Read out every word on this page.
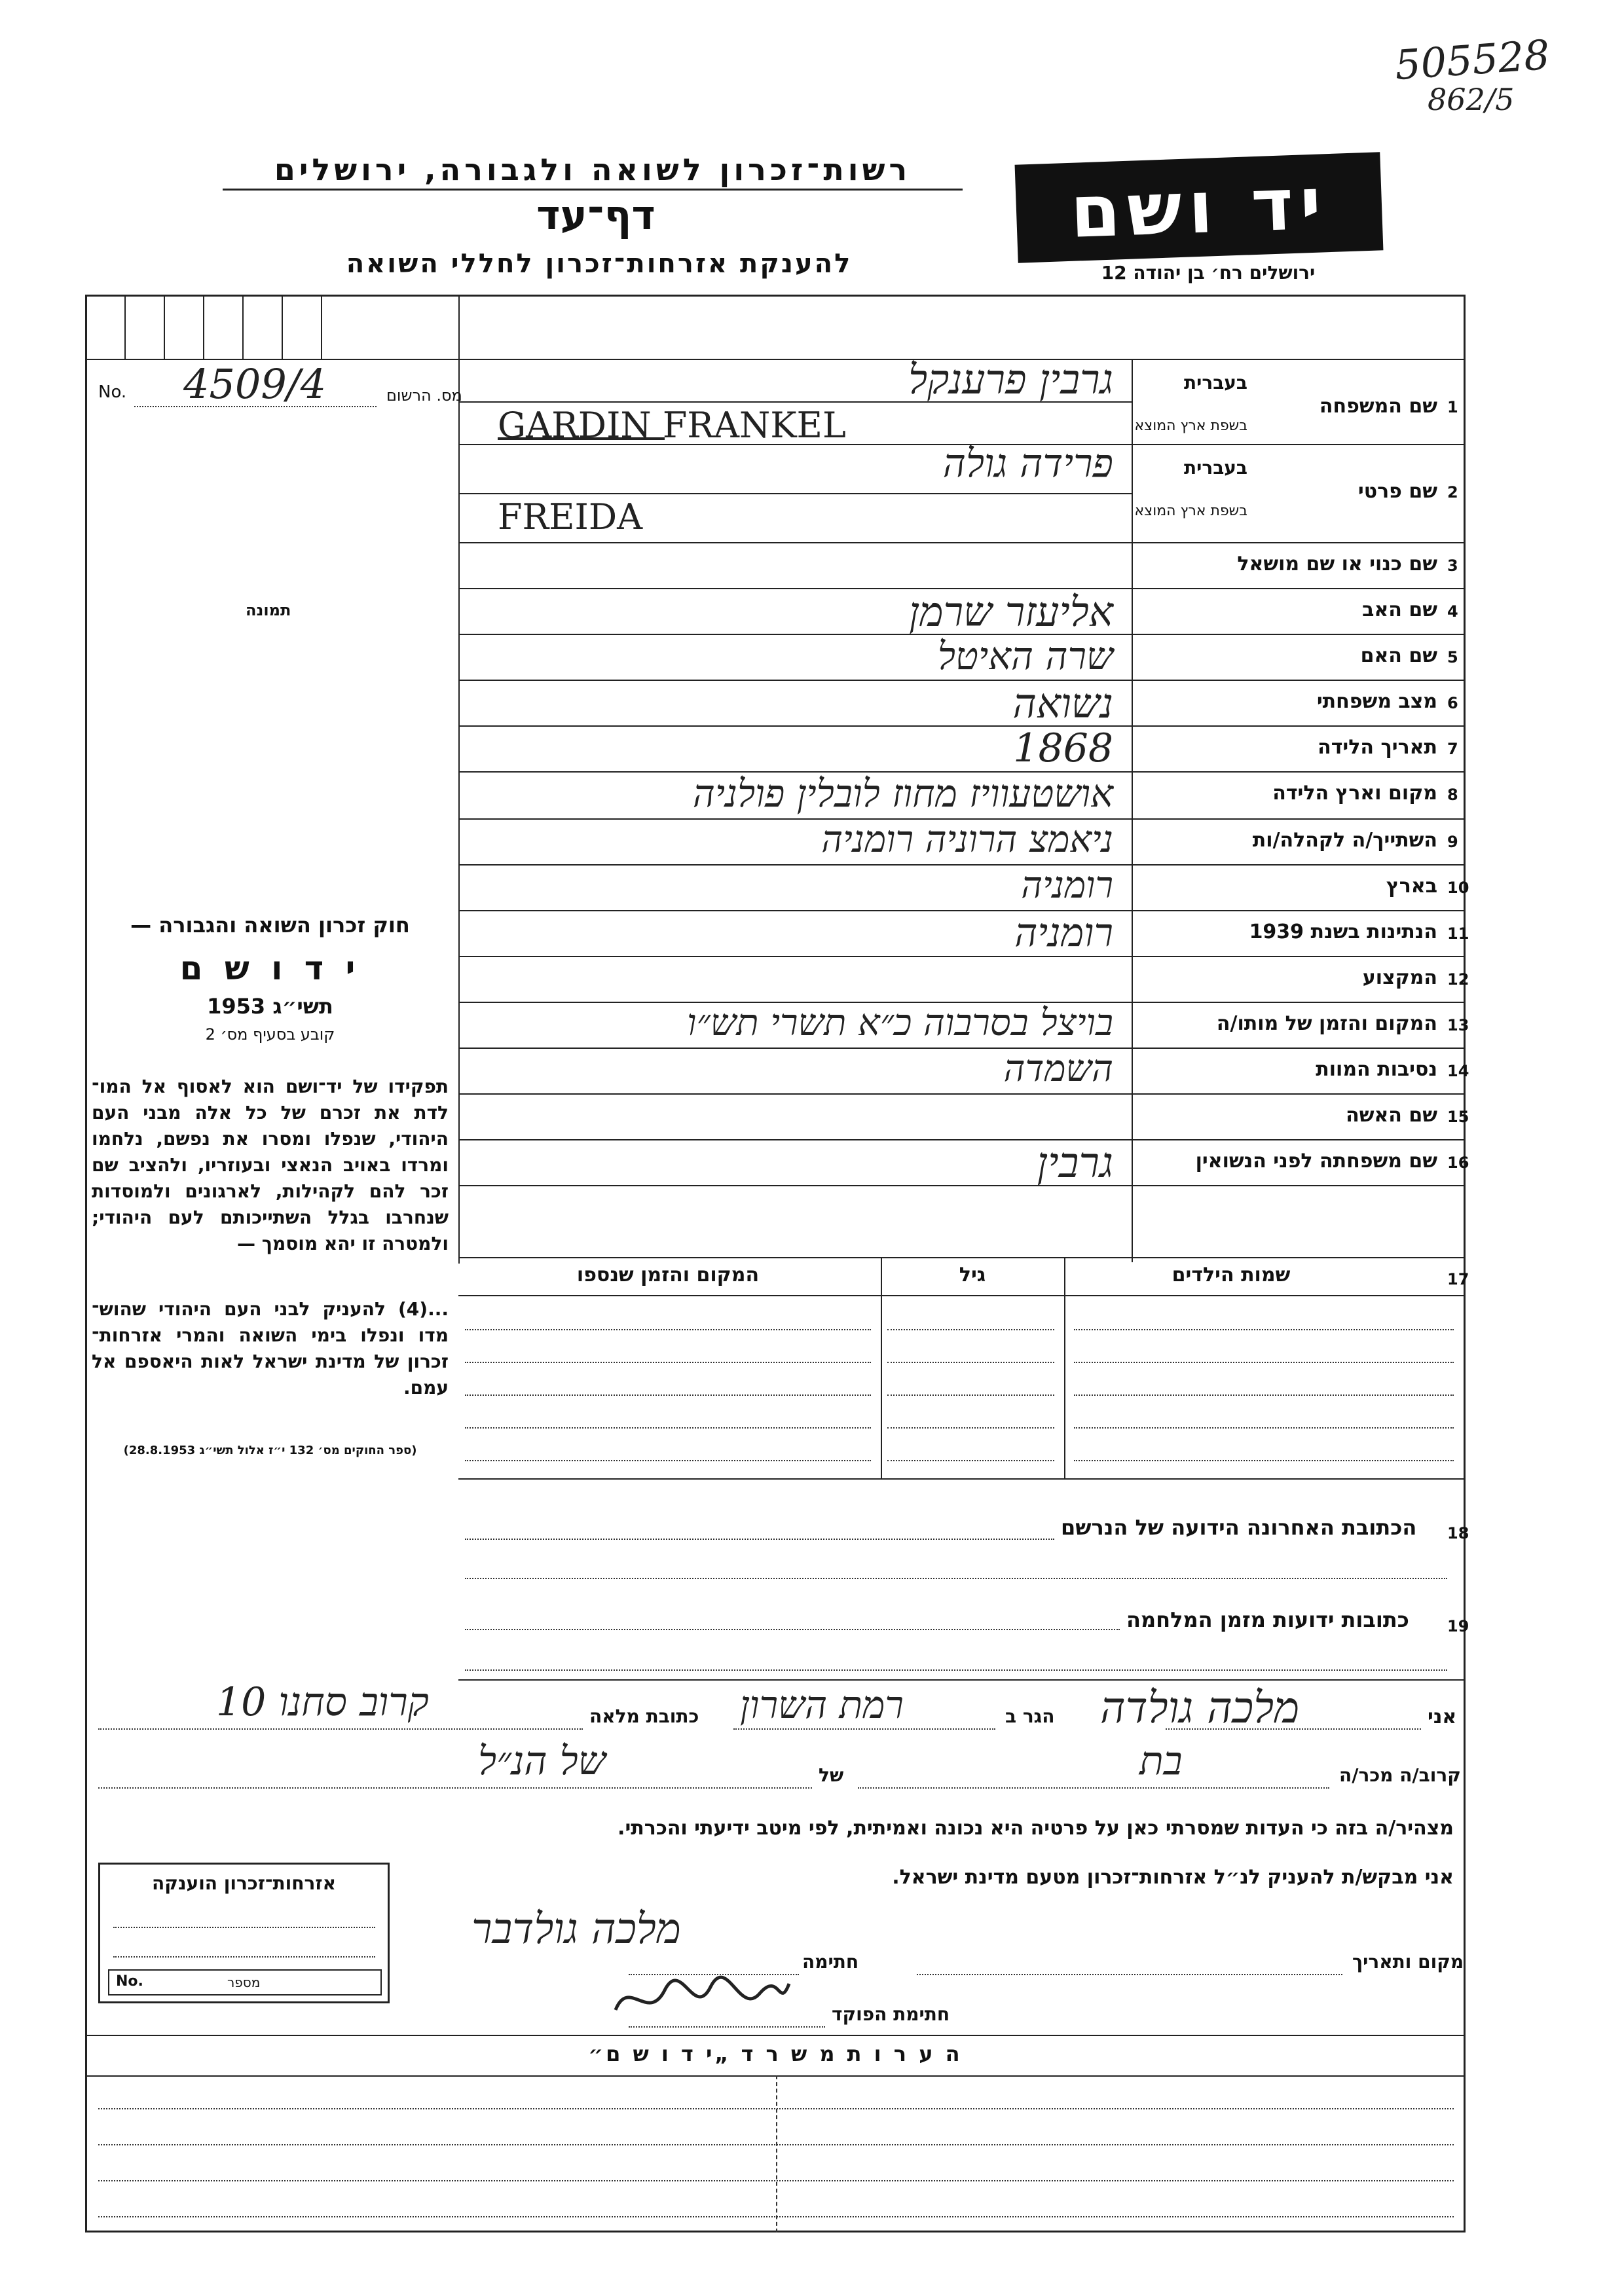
505528
862/5
רשות־זכרון לשואה ולגבורה, ירושלים
דף־עד
להענקת אזרחות־זכרון לחללי השואה
יד ושם
ירושלים רח׳ בן יהודה 12
No. 4509/4	מס. הרשום
תמונה
חוק זכרון השואה והגבורה —
י ד ו ש ם
תשי״ג 1953
קובע בסעיף מס׳ 2
תפקידו של יד־ושם הוא לאסוף אל המו־ לדת את זכרם של כל אלה מבני העם היהודי, שנפלו ומסרו את נפשם, נלחמו ומרדו באויב הנאצי ובעוזריו, ולהציב שם זכר להם לקהילות, לארגונים ולמוסדות שנחרבו בגלל השתייכותם לעם היהודי; ולמטרה זו יהא מוסמך —
...(4) להעניק לבני העם היהודי שהוש־ מדו ונפלו בימי השואה והמרי אזרחות־ זכרון של מדינת ישראל לאות היאספם אל עמם.
(ספר החוקים מס׳ 132 י״ז אלול תשי״ג 28.8.1953)
1
שם המשפחה
בעברית
בשפת ארץ המוצא
גרבין פרענקל
GARDIN FRANKEL
2
שם פרטי
בעברית
בשפת ארץ המוצא
פרידה גולה
FREIDA
3
שם כנוי או שם מושאל
4
שם האב
אליעזר שרמן
5
שם האם
שרה האיטל
6
מצב משפחתי
נשואה
7
תאריך הלידה
1868
8
מקום וארץ הלידה
אושטעוויז מחוז לובלין פולניה
9
השתייך/ה לקהלה/ות
ניאמצ הרוניה רומניה
10
בארץ
רומניה
11
הנתינות בשנת 1939
רומניה
12
המקצוע
13
המקום והזמן של מותו/ה
בויצל בסרבוה כ״א תשרי תש״ו
14
נסיבות המוות
השמדה
15
שם האשה
16
שם משפחתה לפני הנשואין
גרבין
17
שמות הילדים
גיל
המקום והזמן שנספו
18
הכתובת האחרונה הידועה של הנרשם
19
כתובות ידועות מזמן המלחמה
אני
מלכה גולדה
הגר ב
רמת השרון
כתובת מלאה
קרוב סחנו 10
קרוב/ה מכר/ה
בת
של
של הנ״ל
מצהיר/ה בזה כי העדות שמסרתי כאן על פרטיה היא נכונה ואמיתית, לפי מיטב ידיעתי והכרתי.
אני מבקש/ת להעניק לנ״ל אזרחות־זכרון מטעם מדינת ישראל.
מקום ותאריך
חתימה
מלכה גולדבר
חתימת הפוקד
אזרחות־זכרון הוענקה
No.	מספר
ה ע ר ו ת מ ש ר ד „י ד ו ש ם״
